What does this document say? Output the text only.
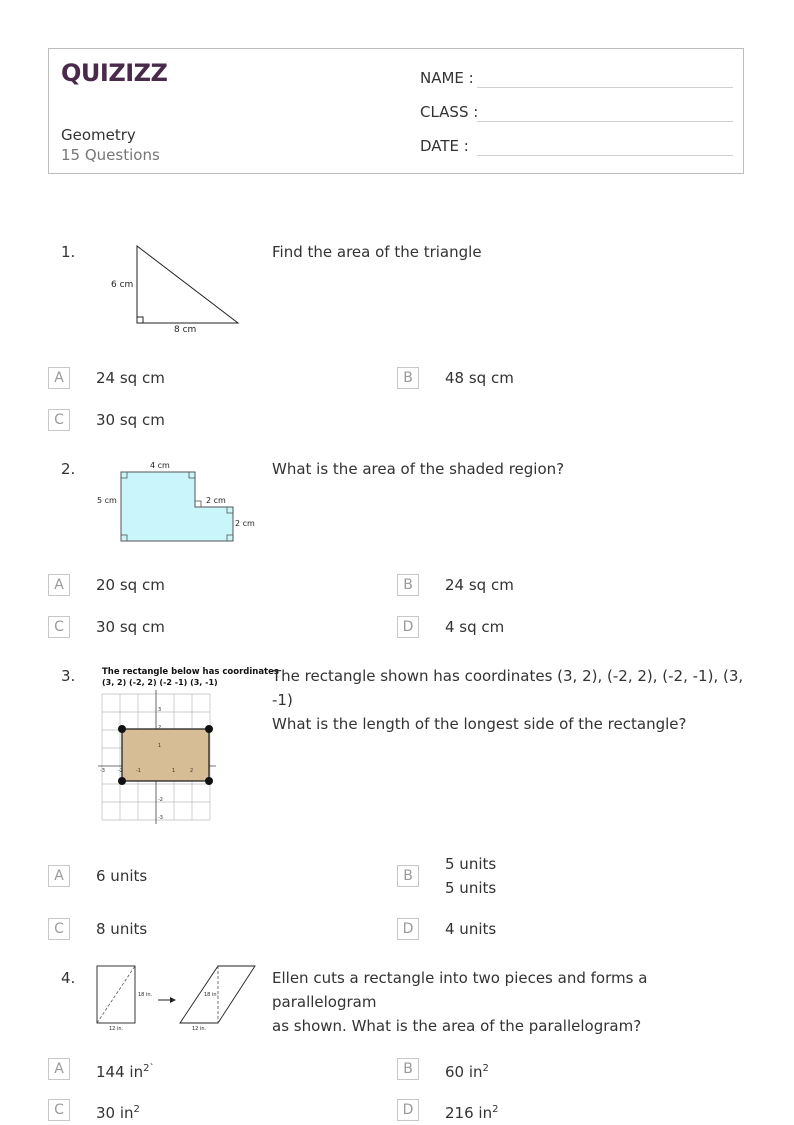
QUIZIZZ
Geometry
15 Questions
NAME :
CLASS :
DATE :
1.
6 cm
8 cm
Find the area of the triangle
A	24 sq cm	B	48 sq cm
C	30 sq cm
2.	4 cm
5 cm	2 cm
2 cm
What is the area of the shaded region?
A	20 sq cm	B	24 sq cm
C	30 sq cm	D	4 sq cm
3.	The rectangle below has coordinates
(3, 2) (-2, 2) (-2 -1) (3, -1)
3
2
1
-2
-3
-3	-2	-1	1	2
The rectangle shown has coordinates (3, 2), (-2, 2), (-2, -1), (3, -1)
What is the length of the longest side of the rectangle?
A	6 units	B
5 units
5 units
C	8 units	D	4 units
4.
18 in.
12 in.
18 in.
12 in.
Ellen cuts a rectangle into two pieces and forms a parallelogram
as shown. What is the area of the parallelogram?
A	144 $in^{2`}$	B	60 $in^2$
C	30 $in^2$	D	216 $in^2$
